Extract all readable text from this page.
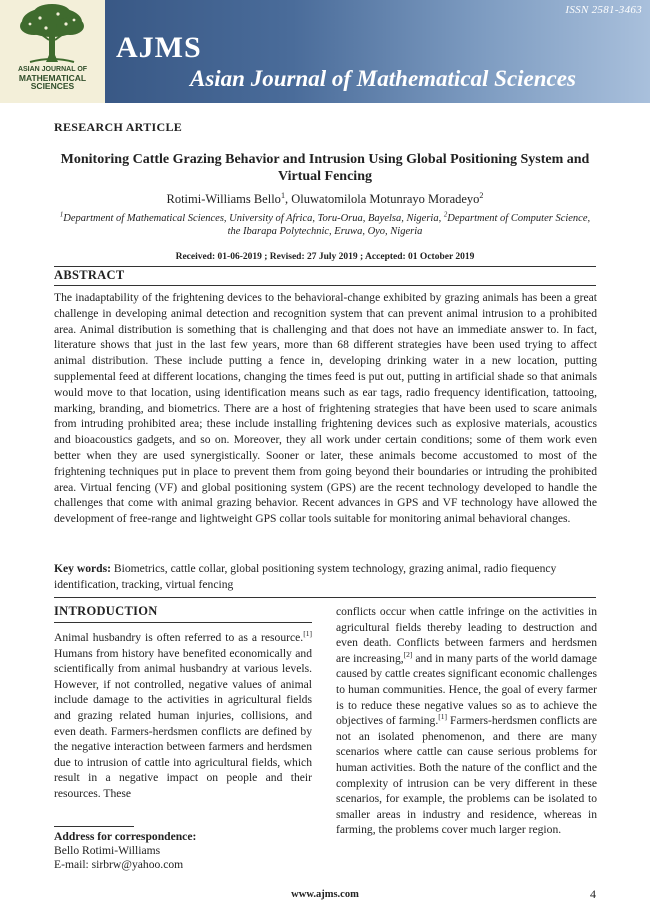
ASIAN JOURNAL OF
MATHEMATICAL
SCIENCES
ISSN 2581-3463
AJMS
Asian Journal of Mathematical Sciences

RESEARCH ARTICLE

Monitoring Cattle Grazing Behavior and Intrusion Using Global Positioning System and Virtual Fencing

Rotimi-Williams Bello$^1$, Oluwatomilola Motunrayo Moradeyo$^2$

$^1$Department of Mathematical Sciences, University of Africa, Toru-Orua, Bayelsa, Nigeria, $^2$Department of Computer Science, the Ibarapa Polytechnic, Eruwa, Oyo, Nigeria

Received: 01-06-2019 ; Revised: 27 July 2019 ; Accepted: 01 October 2019

ABSTRACT

The inadaptability of the frightening devices to the behavioral-change exhibited by grazing animals has been a great challenge in developing animal detection and recognition system that can prevent animal intrusion to a prohibited area. Animal distribution is something that is challenging and that does not have an immediate answer to. In fact, literature shows that just in the last few years, more than 68 different strategies have been used trying to affect animal distribution. These include putting a fence in, developing drinking water in a new location, putting supplemental feed at different locations, changing the times feed is put out, putting in artificial shade so that animals would move to that location, using identification means such as ear tags, radio frequency identification, tattooing, marking, branding, and biometrics. There are a host of frightening strategies that have been used to scare animals from intruding prohibited area; these include installing frightening devices such as explosive materials, acoustics and bioacoustics gadgets, and so on. Moreover, they all work under certain conditions; some of them work even better when they are used synergistically. Sooner or later, these animals become accustomed to most of the frightening techniques put in place to prevent them from going beyond their boundaries or intruding the prohibited area. Virtual fencing (VF) and global positioning system (GPS) are the recent technology developed to handle the challenges that come with animal grazing behavior. Recent advances in GPS and VF technology have allowed the development of free-range and lightweight GPS collar tools suitable for monitoring animal behavioral changes.

Key words: Biometrics, cattle collar, global positioning system technology, grazing animal, radio fiequency identification, tracking, virtual fencing

INTRODUCTION

Animal husbandry is often referred to as a resource.[1] Humans from history have benefited economically and scientifically from animal husbandry at various levels. However, if not controlled, negative values of animal include damage to the activities in agricultural fields and grazing related human injuries, collisions, and even death. Farmers-herdsmen conflicts are defined by the negative interaction between farmers and herdsmen due to intrusion of cattle into agricultural fields, which result in a negative impact on people and their resources. These

conflicts occur when cattle infringe on the activities in agricultural fields thereby leading to destruction and even death. Conflicts between farmers and herdsmen are increasing,[2] and in many parts of the world damage caused by cattle creates significant economic challenges to human communities. Hence, the goal of every farmer is to reduce these negative values so as to achieve the objectives of farming.[1] Farmers-herdsmen conflicts are not an isolated phenomenon, and there are many scenarios where cattle can cause serious problems for human activities. Both the nature of the conflict and the complexity of intrusion can be very different in these scenarios, for example, the problems can be isolated to smaller areas in industry and residence, whereas in farming, the problems cover much larger region.

Address for correspondence:
Bello Rotimi-Williams
E-mail: sirbrw@yahoo.com
www.ajms.com	4
